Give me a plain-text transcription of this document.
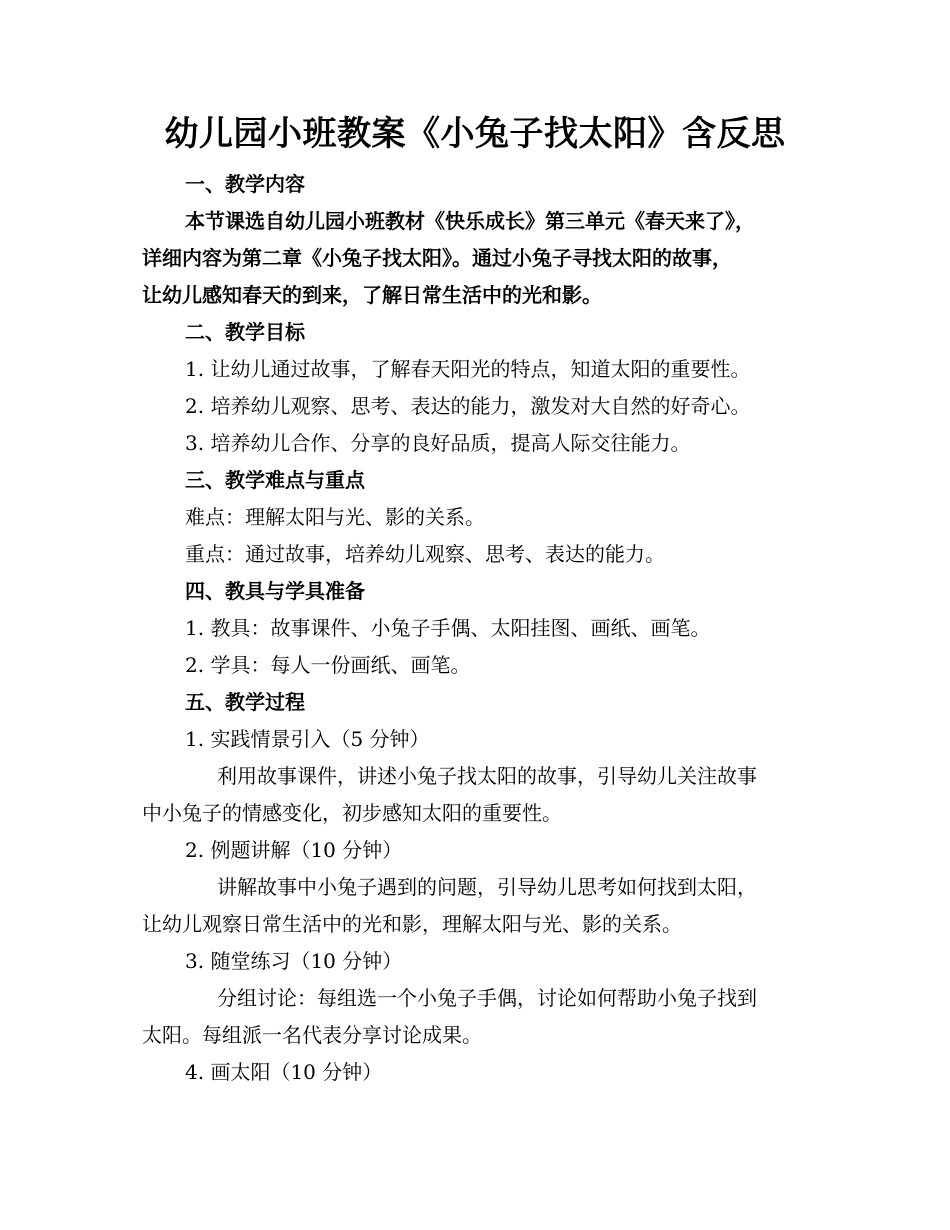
幼儿园小班教案《小兔子找太阳》含反思

一、教学内容

本节课选自幼儿园小班教材《快乐成长》第三单元《春天来了》，

详细内容为第二章《小兔子找太阳》。通过小兔子寻找太阳的故事，

让幼儿感知春天的到来，了解日常生活中的光和影。

二、教学目标

1. 让幼儿通过故事，了解春天阳光的特点，知道太阳的重要性。

2. 培养幼儿观察、思考、表达的能力，激发对大自然的好奇心。

3. 培养幼儿合作、分享的良好品质，提高人际交往能力。

三、教学难点与重点

难点：理解太阳与光、影的关系。

重点：通过故事，培养幼儿观察、思考、表达的能力。

四、教具与学具准备

1. 教具：故事课件、小兔子手偶、太阳挂图、画纸、画笔。

2. 学具：每人一份画纸、画笔。

五、教学过程

1. 实践情景引入（5 分钟）

利用故事课件，讲述小兔子找太阳的故事，引导幼儿关注故事

中小兔子的情感变化，初步感知太阳的重要性。

2. 例题讲解（10 分钟）

讲解故事中小兔子遇到的问题，引导幼儿思考如何找到太阳，

让幼儿观察日常生活中的光和影，理解太阳与光、影的关系。

3. 随堂练习（10 分钟）

分组讨论：每组选一个小兔子手偶，讨论如何帮助小兔子找到

太阳。每组派一名代表分享讨论成果。

4. 画太阳（10 分钟）
